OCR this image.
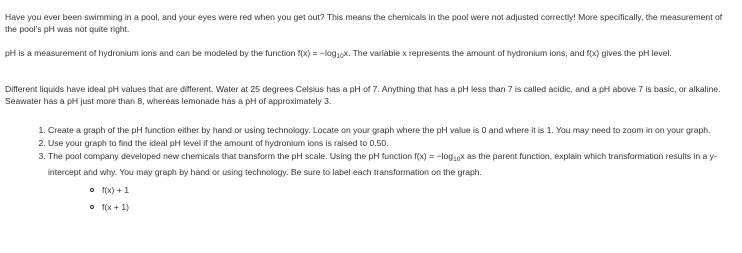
Have you ever been swimming in a pool, and your eyes were red when you get out? This means the chemicals in the pool were not adjusted correctly! More specifically, the measurement of the pool's pH was not quite right.

pH is a measurement of hydronium ions and can be modeled by the function $f(x) = -\log_{10}x$. The variable x represents the amount of hydronium ions, and f(x) gives the pH level.

Different liquids have ideal pH values that are different. Water at 25 degrees Celsius has a pH of 7. Anything that has a pH less than 7 is called acidic, and a pH above 7 is basic, or alkaline. Seawater has a pH just more than 8, whereas lemonade has a pH of approximately 3.

1. Create a graph of the pH function either by hand or using technology. Locate on your graph where the pH value is 0 and where it is 1. You may need to zoom in on your graph.
2. Use your graph to find the ideal pH level if the amount of hydronium ions is raised to 0.50.
3. The pool company developed new chemicals that transform the pH scale. Using the pH function $f(x) = -\log_{10}x$ as the parent function, explain which transformation results in a y-intercept and why. You may graph by hand or using technology. Be sure to label each transformation on the graph.
f(x) + 1
f(x + 1)
